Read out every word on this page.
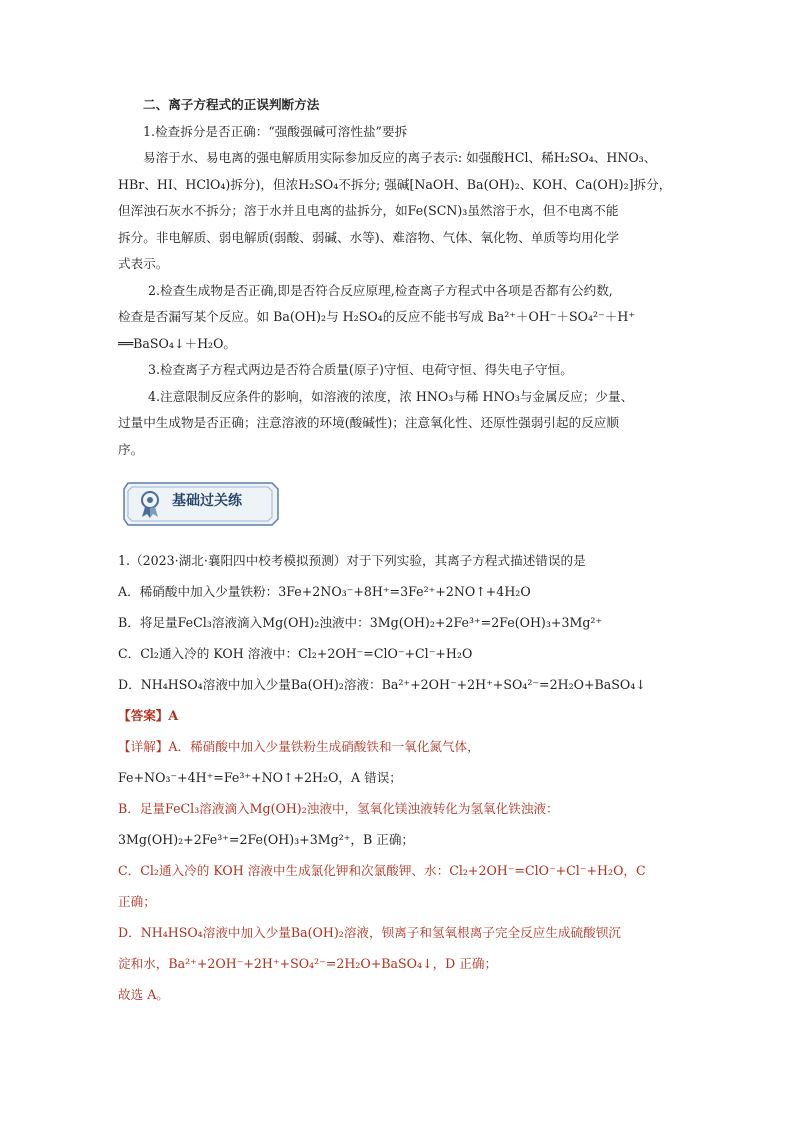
二、离子方程式的正误判断方法

1.检查拆分是否正确：“强酸强碱可溶性盐”要拆

易溶于水、易电离的强电解质用实际参加反应的离子表示: 如强酸HCl、稀H₂SO₄、HNO₃、

HBr、HI、HClO₄)拆分)，但浓H₂SO₄不拆分; 强碱[NaOH、Ba(OH)₂、KOH、Ca(OH)₂]拆分，

但浑浊石灰水不拆分；溶于水并且电离的盐拆分，如Fe(SCN)₃虽然溶于水，但不电离不能

拆分。非电解质、弱电解质(弱酸、弱碱、水等)、难溶物、气体、氧化物、单质等均用化学

式表示。

2.检查生成物是否正确,即是否符合反应原理,检查离子方程式中各项是否都有公约数,

检查是否漏写某个反应。如 Ba(OH)₂与 H₂SO₄的反应不能书写成 Ba²⁺＋OH⁻＋SO₄²⁻＋H⁺

══BaSO₄↓＋H₂O。

3.检查离子方程式两边是否符合质量(原子)守恒、电荷守恒、得失电子守恒。

4.注意限制反应条件的影响，如溶液的浓度，浓 HNO₃与稀 HNO₃与金属反应；少量、

过量中生成物是否正确；注意溶液的环境(酸碱性)；注意氧化性、还原性强弱引起的反应顺

序。

基础过关练

1.（2023·湖北·襄阳四中校考模拟预测）对于下列实验，其离子方程式描述错误的是

A．稀硝酸中加入少量铁粉：3Fe+2NO₃⁻+8H⁺=3Fe²⁺+2NO↑+4H₂O

B．将足量FeCl₃溶液滴入Mg(OH)₂浊液中：3Mg(OH)₂+2Fe³⁺=2Fe(OH)₃+3Mg²⁺

C．Cl₂通入冷的 KOH 溶液中：Cl₂+2OH⁻=ClO⁻+Cl⁻+H₂O

D．NH₄HSO₄溶液中加入少量Ba(OH)₂溶液：Ba²⁺+2OH⁻+2H⁺+SO₄²⁻=2H₂O+BaSO₄↓

【答案】A

【详解】A．稀硝酸中加入少量铁粉生成硝酸铁和一氧化氮气体，

Fe+NO₃⁻+4H⁺=Fe³⁺+NO↑+2H₂O，A 错误；

B．足量FeCl₃溶液滴入Mg(OH)₂浊液中，氢氧化镁浊液转化为氢氧化铁浊液：

3Mg(OH)₂+2Fe³⁺=2Fe(OH)₃+3Mg²⁺，B 正确；

C．Cl₂通入冷的 KOH 溶液中生成氯化钾和次氯酸钾、水：Cl₂+2OH⁻=ClO⁻+Cl⁻+H₂O，C

正确；

D．NH₄HSO₄溶液中加入少量Ba(OH)₂溶液，钡离子和氢氧根离子完全反应生成硫酸钡沉

淀和水，Ba²⁺+2OH⁻+2H⁺+SO₄²⁻=2H₂O+BaSO₄↓，D 正确；

故选 A。
